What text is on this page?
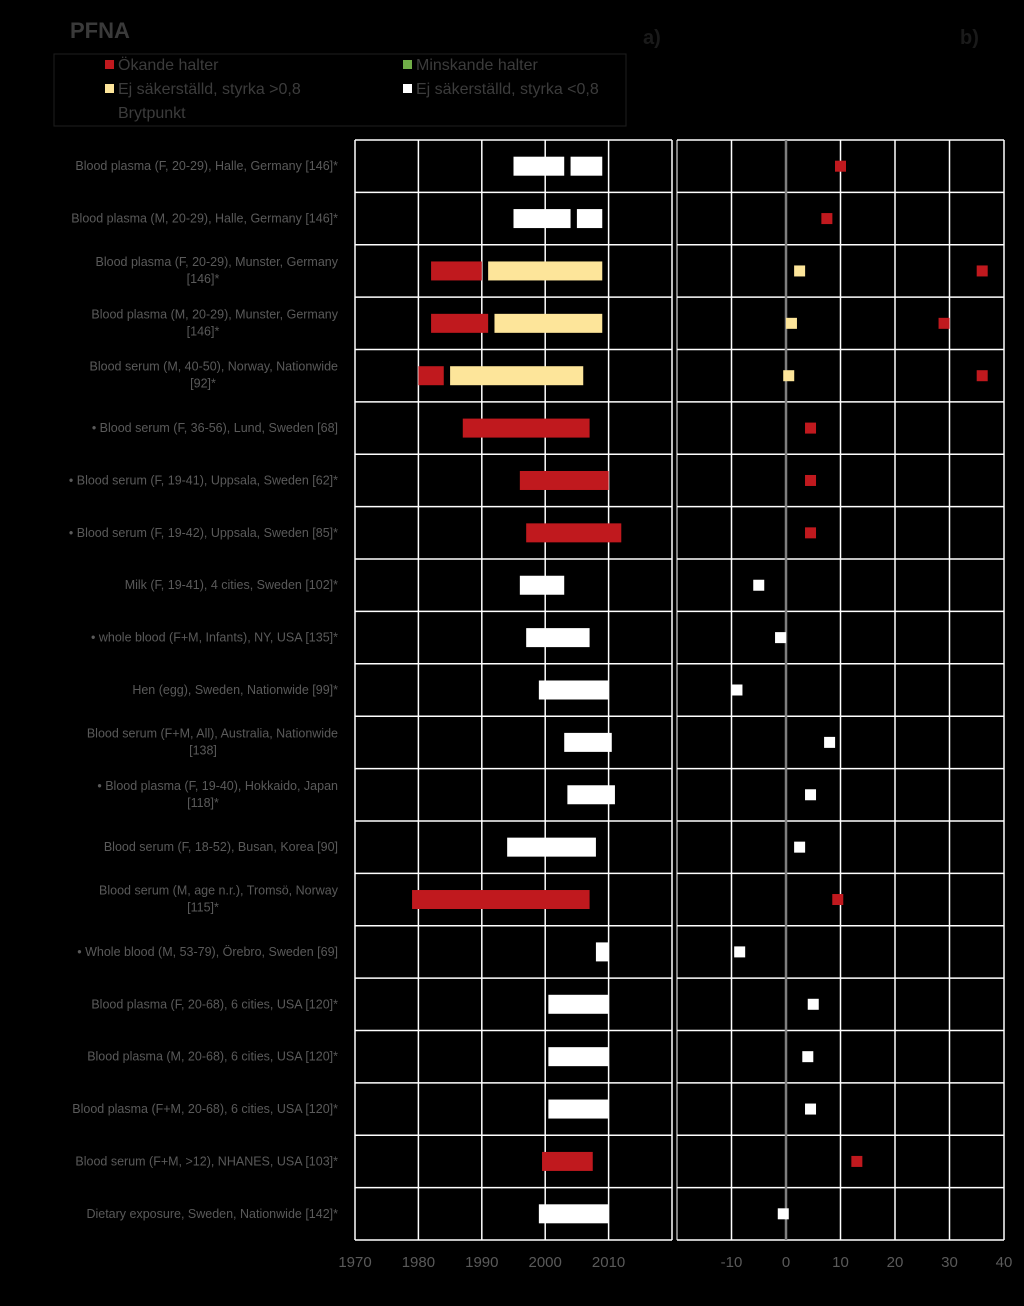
PFNA	a)	b)
Ökande halter	Minskande halter
Ej säkerställd, styrka >0,8	Ej säkerställd, styrka <0,8
Brytpunkt
Blood plasma (F, 20-29), Halle, Germany [146]*
Blood plasma (M, 20-29), Halle, Germany [146]*
Blood plasma (F, 20-29), Munster, Germany
[146]*
Blood plasma (M, 20-29), Munster, Germany
[146]*
Blood serum (M, 40-50), Norway, Nationwide
[92]*
• Blood serum (F, 36-56), Lund, Sweden [68]
• Blood serum (F, 19-41), Uppsala, Sweden [62]*
• Blood serum (F, 19-42), Uppsala, Sweden [85]*
Milk (F, 19-41), 4 cities, Sweden [102]*
• whole blood (F+M, Infants), NY, USA [135]*
Hen (egg), Sweden, Nationwide [99]*
Blood serum (F+M, All), Australia, Nationwide
[138]
• Blood plasma (F, 19-40), Hokkaido, Japan
[118]*
Blood serum (F, 18-52), Busan, Korea [90]
Blood serum (M, age n.r.), Tromsö, Norway
[115]*
• Whole blood (M, 53-79), Örebro, Sweden [69]
Blood plasma (F, 20-68), 6 cities, USA [120]*
Blood plasma (M, 20-68), 6 cities, USA [120]*
Blood plasma (F+M, 20-68), 6 cities, USA [120]*
Blood serum (F+M, >12), NHANES, USA [103]*
Dietary exposure, Sweden, Nationwide [142]*
1970 1980 1990 2000 2010	-10	0	10	20	30	40
